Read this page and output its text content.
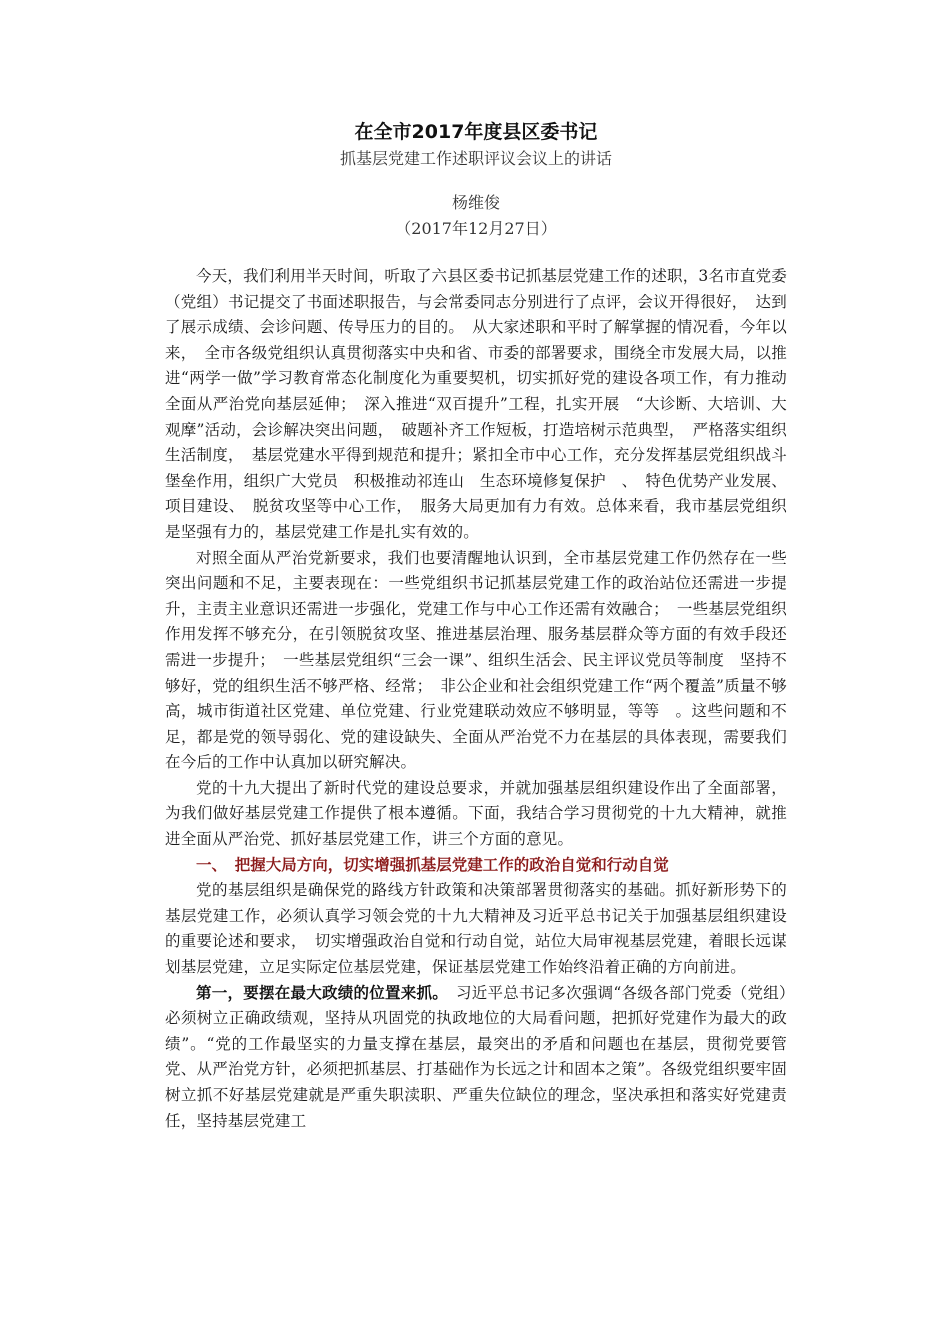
在全市2017年度县区委书记

抓基层党建工作述职评议会议上的讲话

杨维俊

（2017年12月27日）

今天，我们利用半天时间，听取了六县区委书记抓基层党建工作的述职，3名市直党委（党组）书记提交了书面述职报告，与会常委同志分别进行了点评，会议开得很好，　达到了展示成绩、会诊问题、传导压力的目的。　从大家述职和平时了解掌握的情况看，今年以来，　全市各级党组织认真贯彻落实中央和省、市委的部署要求，围绕全市发展大局，以推进“两学一做”学习教育常态化制度化为重要契机，切实抓好党的建设各项工作，有力推动全面从严治党向基层延伸；　深入推进“双百提升”工程，扎实开展　“大诊断、大培训、大观摩”活动，会诊解决突出问题，　破题补齐工作短板，打造培树示范典型，　严格落实组织生活制度，　基层党建水平得到规范和提升；紧扣全市中心工作，充分发挥基层党组织战斗堡垒作用，组织广大党员　积极推动祁连山　生态环境修复保护　、　特色优势产业发展、项目建设、　脱贫攻坚等中心工作，　服务大局更加有力有效。总体来看，我市基层党组织是坚强有力的，基层党建工作是扎实有效的。

对照全面从严治党新要求，我们也要清醒地认识到，全市基层党建工作仍然存在一些突出问题和不足，主要表现在：一些党组织书记抓基层党建工作的政治站位还需进一步提升，主责主业意识还需进一步强化，党建工作与中心工作还需有效融合；　一些基层党组织作用发挥不够充分，在引领脱贫攻坚、推进基层治理、服务基层群众等方面的有效手段还需进一步提升；　一些基层党组织“三会一课”、组织生活会、民主评议党员等制度　坚持不够好，党的组织生活不够严格、经常；　非公企业和社会组织党建工作“两个覆盖”质量不够高，城市街道社区党建、单位党建、行业党建联动效应不够明显，等等　。这些问题和不足，都是党的领导弱化、党的建设缺失、全面从严治党不力在基层的具体表现，需要我们在今后的工作中认真加以研究解决。

党的十九大提出了新时代党的建设总要求，并就加强基层组织建设作出了全面部署，为我们做好基层党建工作提供了根本遵循。下面，我结合学习贯彻党的十九大精神，就推进全面从严治党、抓好基层党建工作，讲三个方面的意见。

一、　把握大局方向，切实增强抓基层党建工作的政治自觉和行动自觉

党的基层组织是确保党的路线方针政策和决策部署贯彻落实的基础。抓好新形势下的基层党建工作，必须认真学习领会党的十九大精神及习近平总书记关于加强基层组织建设的重要论述和要求，　切实增强政治自觉和行动自觉，站位大局审视基层党建，着眼长远谋划基层党建，立足实际定位基层党建，保证基层党建工作始终沿着正确的方向前进。

第一，要摆在最大政绩的位置来抓。　习近平总书记多次强调“各级各部门党委（党组）必须树立正确政绩观，坚持从巩固党的执政地位的大局看问题，把抓好党建作为最大的政绩”。“党的工作最坚实的力量支撑在基层，最突出的矛盾和问题也在基层，贯彻党要管党、从严治党方针，必须把抓基层、打基础作为长远之计和固本之策”。各级党组织要牢固树立抓不好基层党建就是严重失职渎职、严重失位缺位的理念，坚决承担和落实好党建责任，坚持基层党建工
